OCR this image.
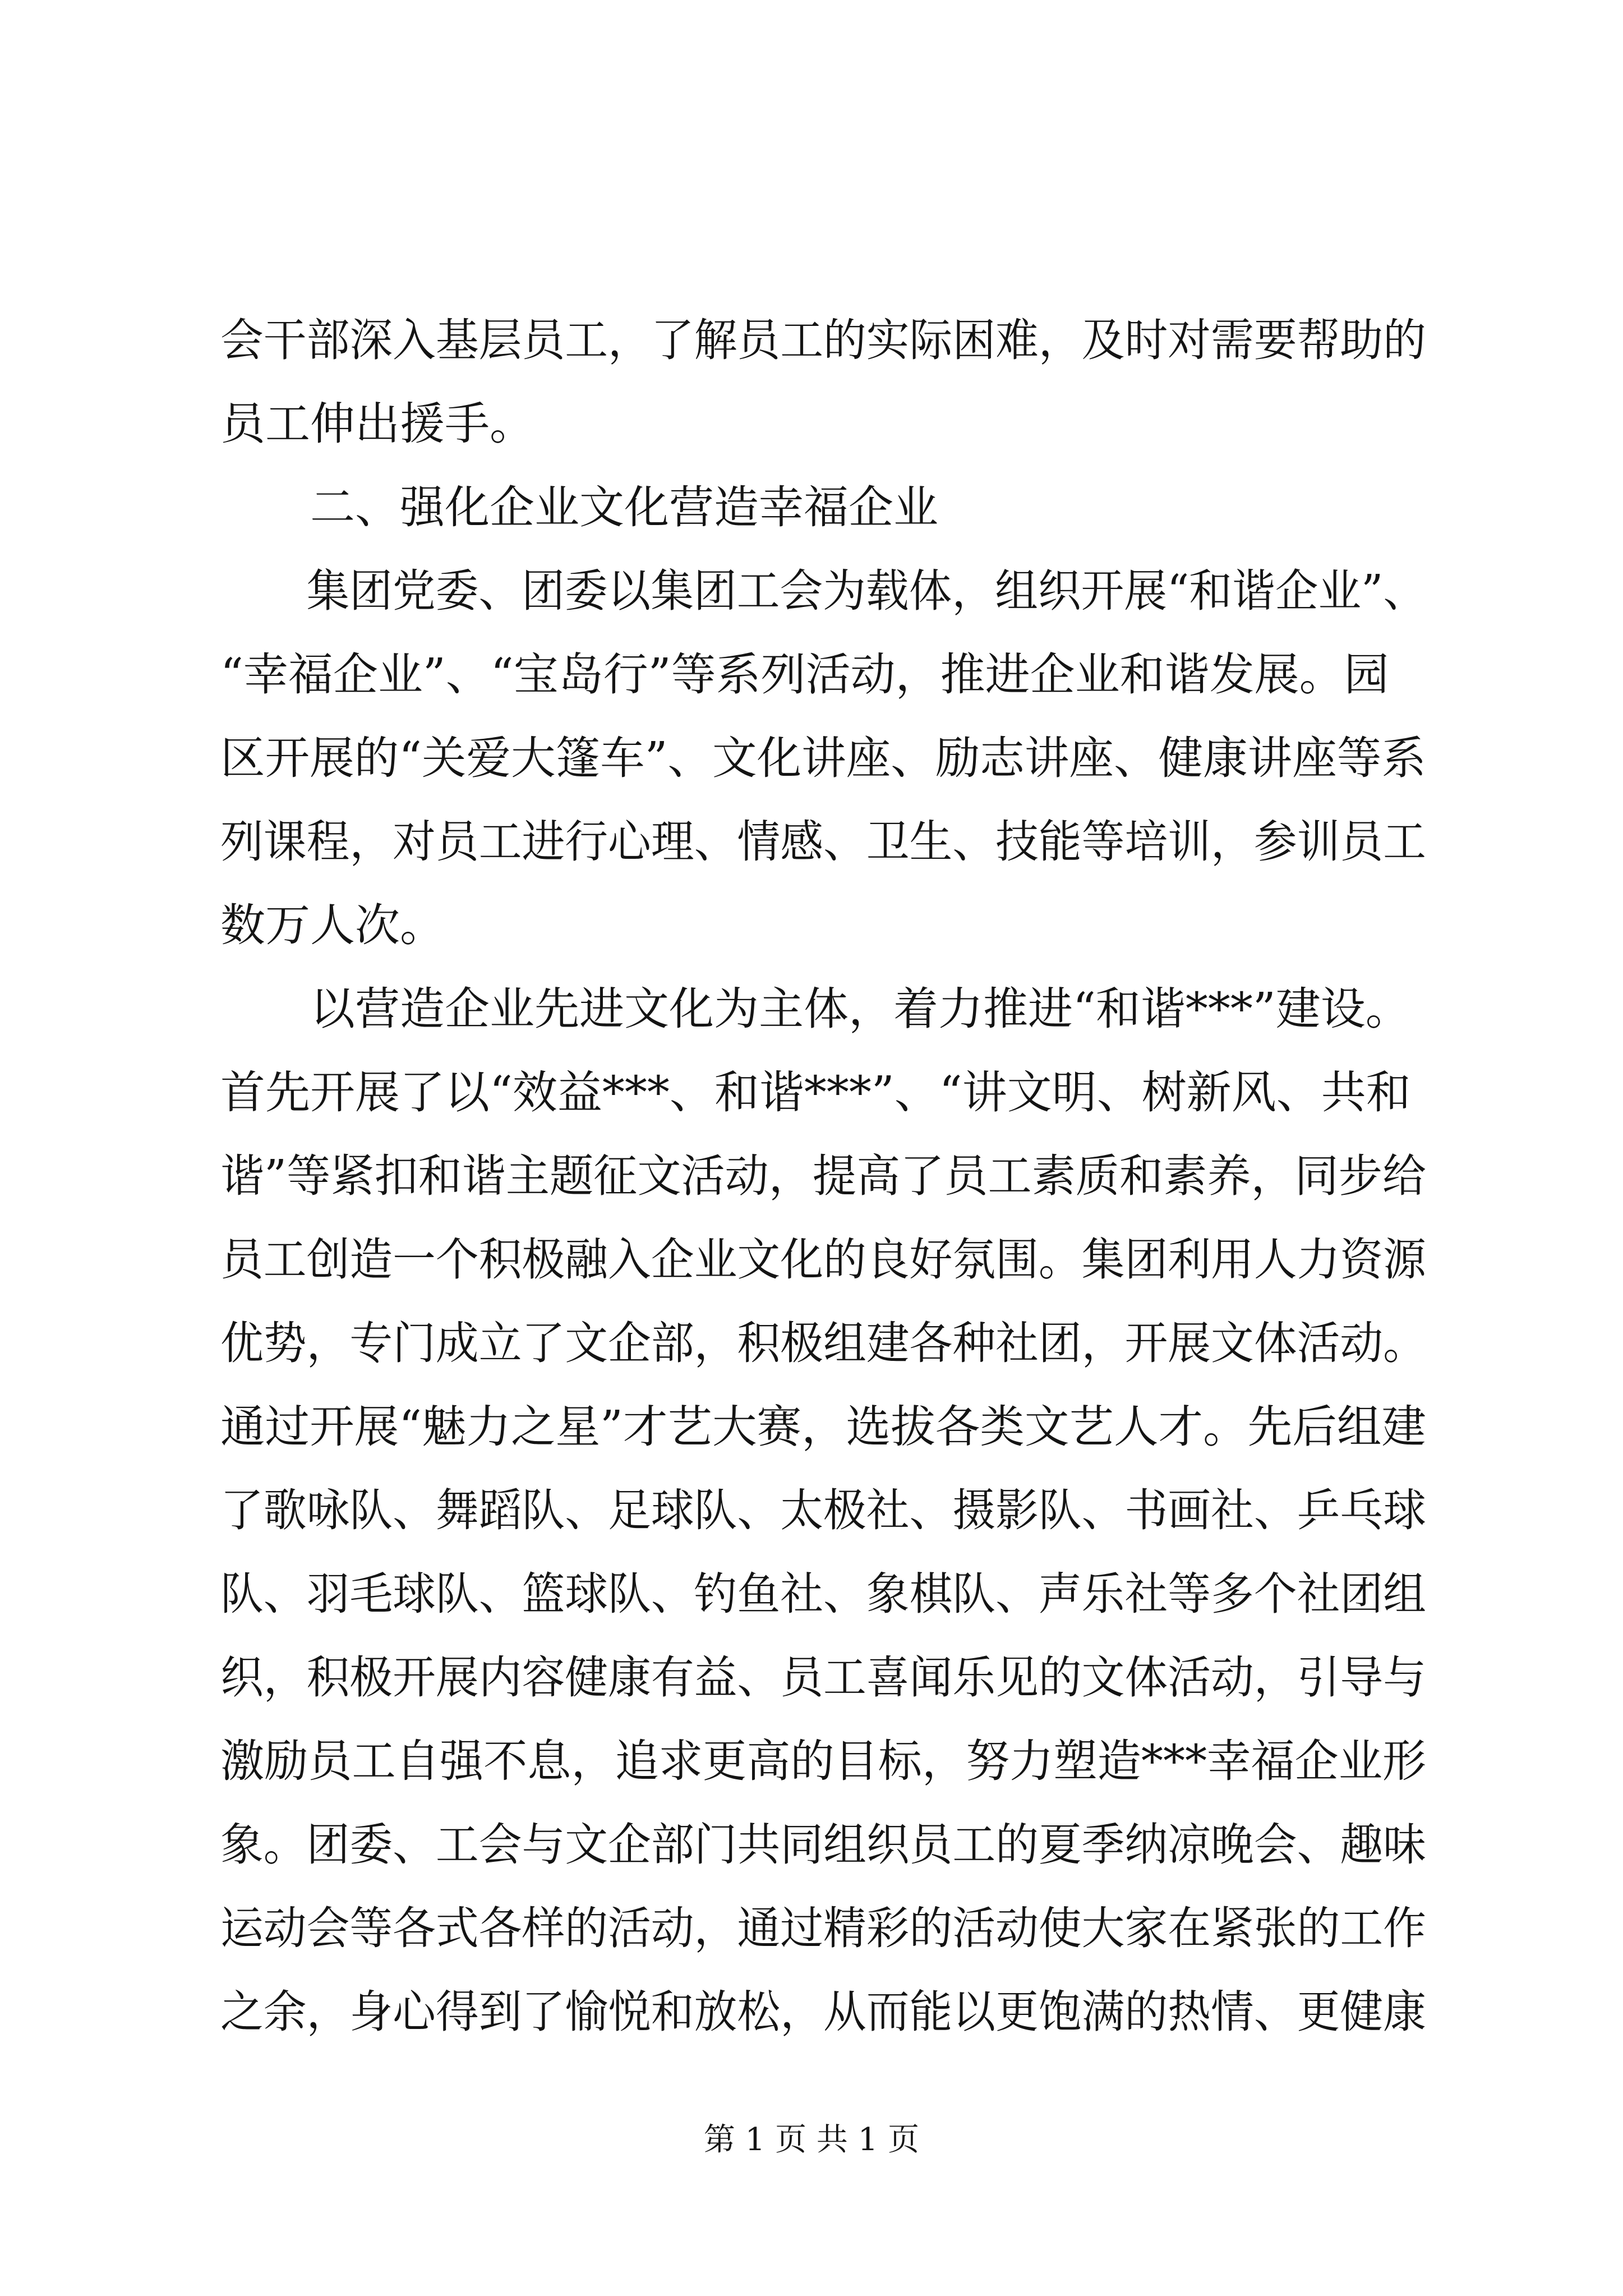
会干部深入基层员工，了解员工的实际困难，及时对需要帮助的
员工伸出援手。
二、强化企业文化营造幸福企业
集团党委、团委以集团工会为载体，组织开展“和谐企业”、
“幸福企业”、“宝岛行”等系列活动，推进企业和谐发展。园
区开展的“关爱大篷车”、文化讲座、励志讲座、健康讲座等系
列课程，对员工进行心理、情感、卫生、技能等培训，参训员工
数万人次。
以营造企业先进文化为主体，着力推进“和谐***”建设。
首先开展了以“效益***、和谐***”、“讲文明、树新风、共和
谐”等紧扣和谐主题征文活动，提高了员工素质和素养，同步给
员工创造一个积极融入企业文化的良好氛围。集团利用人力资源
优势，专门成立了文企部，积极组建各种社团，开展文体活动。
通过开展“魅力之星”才艺大赛，选拔各类文艺人才。先后组建
了歌咏队、舞蹈队、足球队、太极社、摄影队、书画社、乒乓球
队、羽毛球队、篮球队、钓鱼社、象棋队、声乐社等多个社团组
织，积极开展内容健康有益、员工喜闻乐见的文体活动，引导与
激励员工自强不息，追求更高的目标，努力塑造***幸福企业形
象。团委、工会与文企部门共同组织员工的夏季纳凉晚会、趣味
运动会等各式各样的活动，通过精彩的活动使大家在紧张的工作
之余，身心得到了愉悦和放松，从而能以更饱满的热情、更健康
第 1 页 共 1 页
